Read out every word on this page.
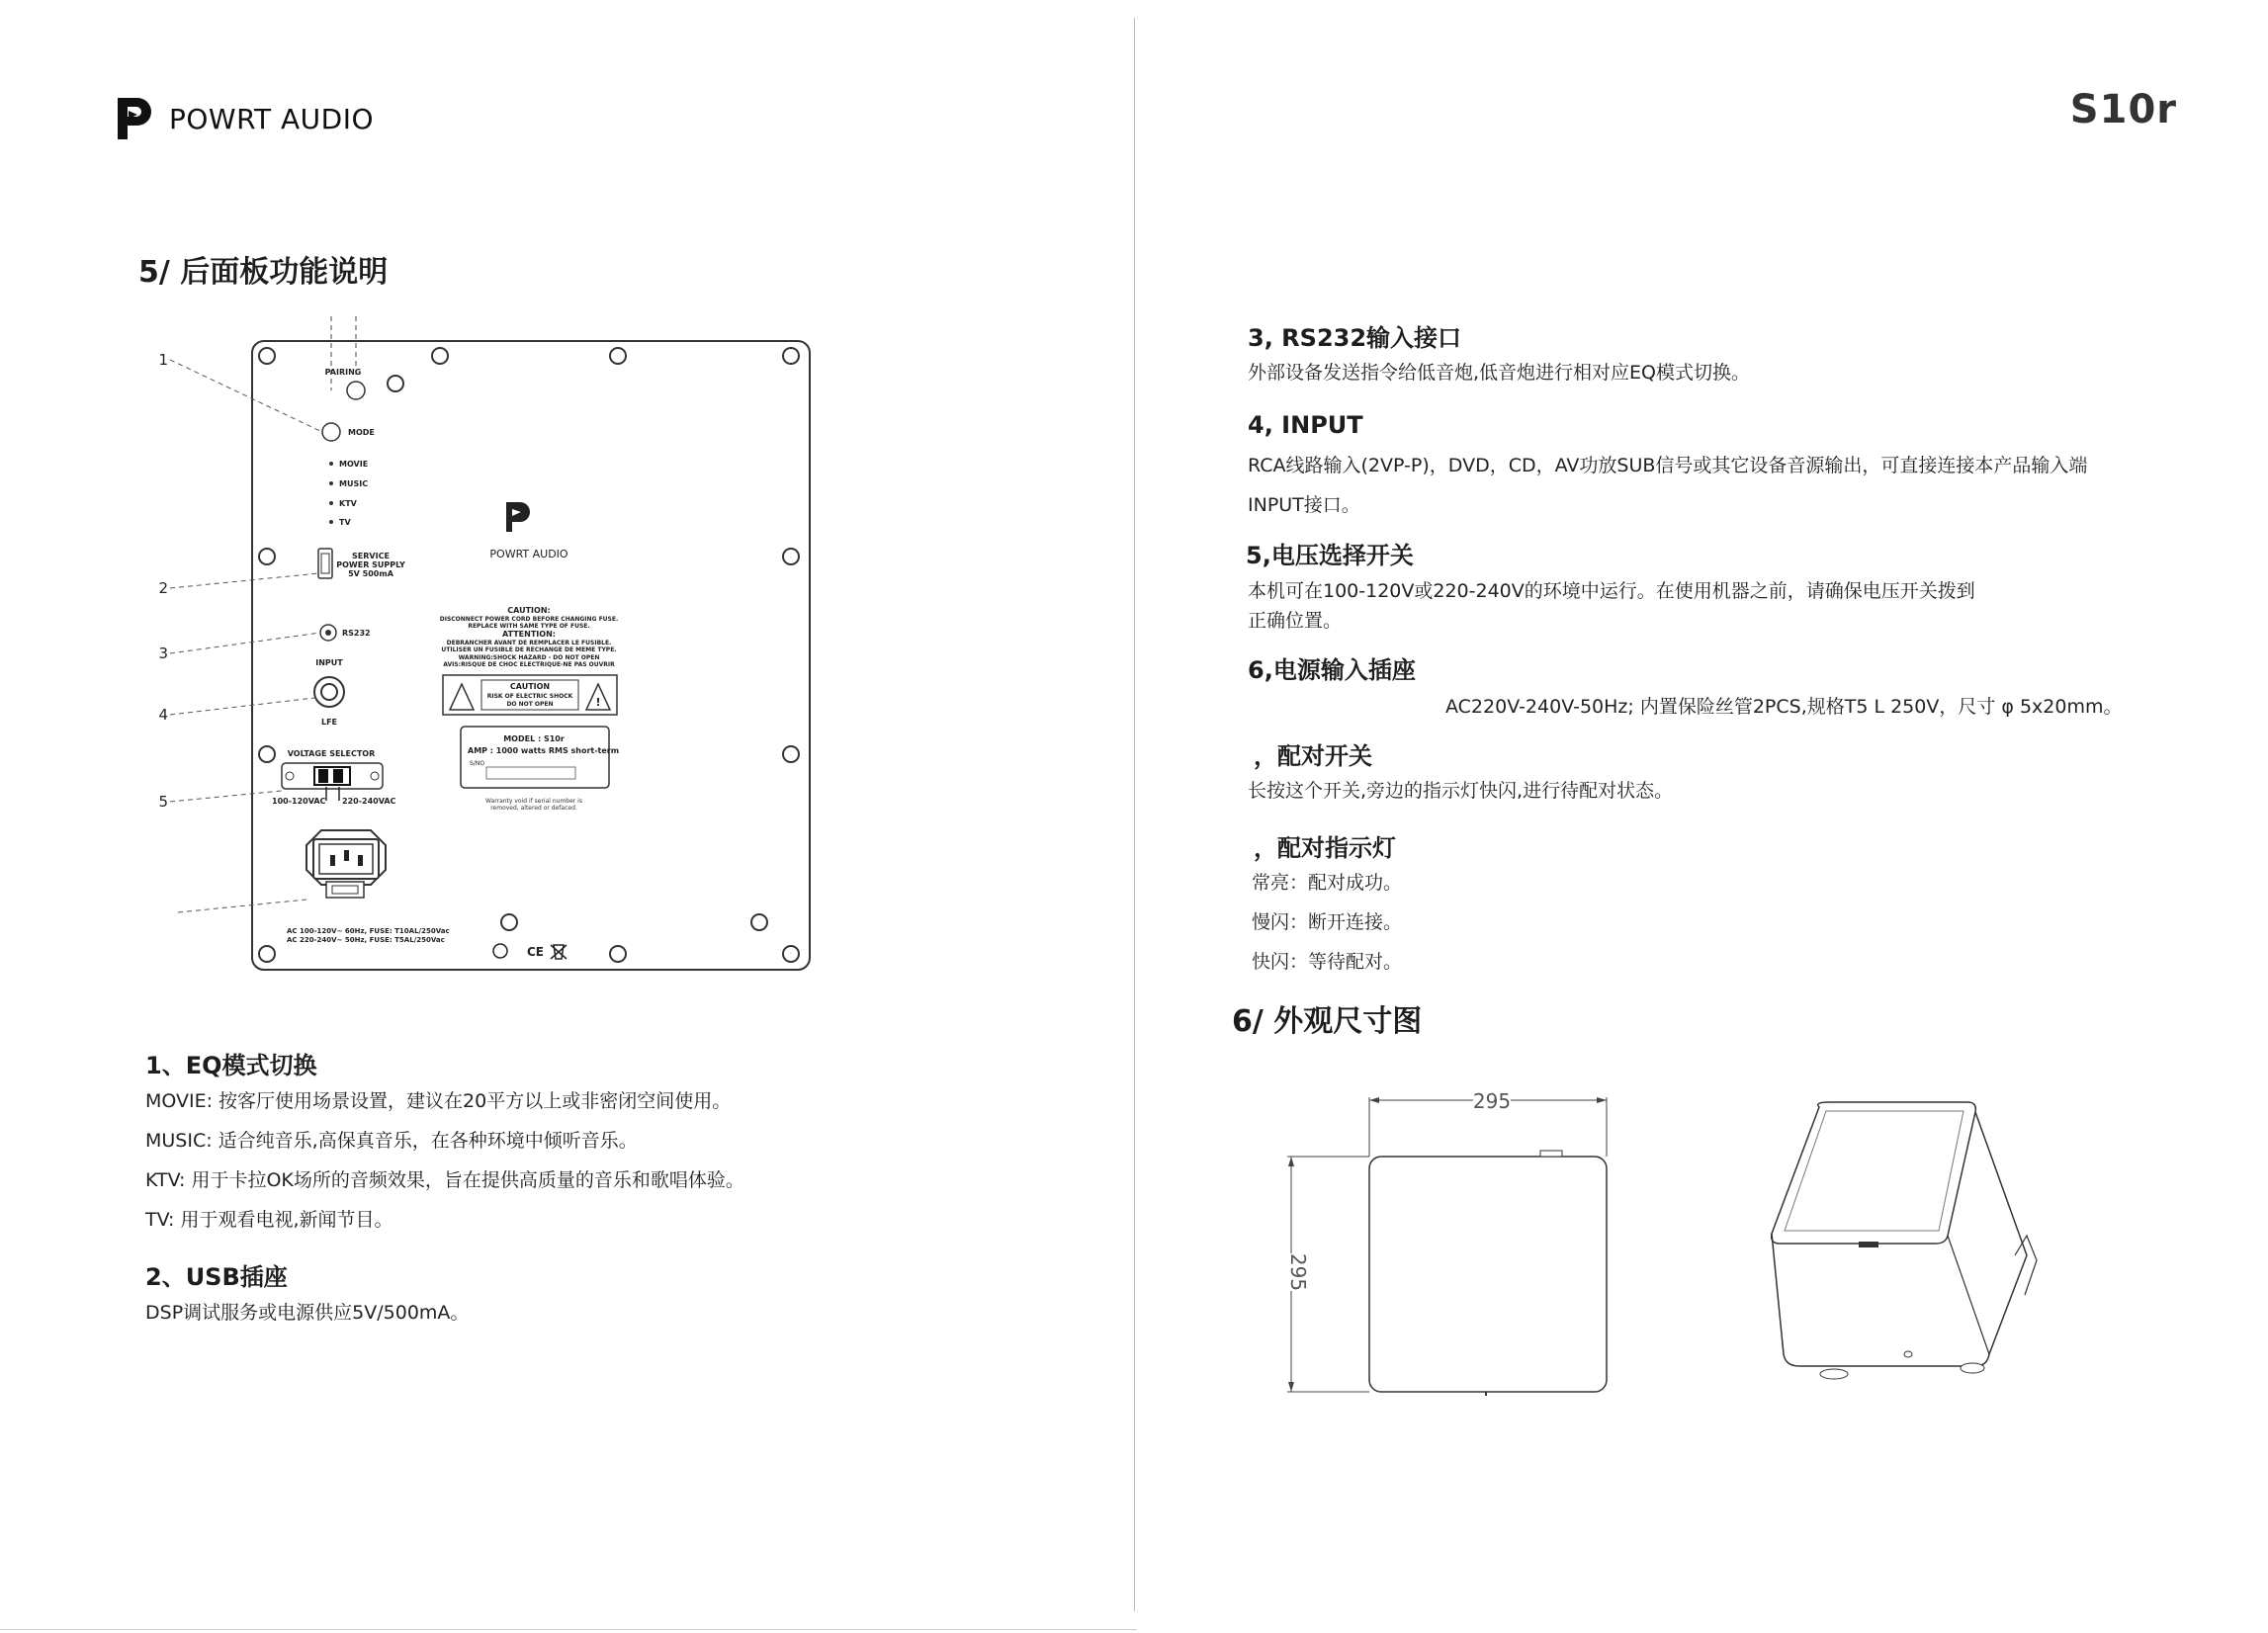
POWRT AUDIO	S10r
5/ 后面板功能说明
PAIRING
MODE
MOVIE
MUSIC
KTV
TV
SERVICE
POWER SUPPLY
5V 500mA
RS232
INPUT
LFE
VOLTAGE SELECTOR
100-120VAC 220-240VAC
AC 100-120V~ 60Hz, FUSE: T10AL/250Vac
AC 220-240V~ 50Hz, FUSE: T5AL/250Vac
POWRT AUDIO
CAUTION:
DISCONNECT POWER CORD BEFORE CHANGING FUSE.
REPLACE WITH SAME TYPE OF FUSE.
ATTENTION:
DEBRANCHER AVANT DE REMPLACER LE FUSIBLE.
UTILISER UN FUSIBLE DE RECHANGE DE MEME TYPE.
WARNING:SHOCK HAZARD - DO NOT OPEN
AVIS:RISQUE DE CHOC ELECTRIQUE-NE PAS OUVRIR
!
CAUTION
RISK OF ELECTRIC SHOCK
DO NOT OPEN
MODEL : S10r
AMP : 1000 watts RMS short-term
S/NO
Warranty void if serial number is
removed, altered or defaced.
CE
1
2
3
4
5
1、EQ模式切换
MOVIE: 按客厅使用场景设置，建议在20平方以上或非密闭空间使用。
MUSIC: 适合纯音乐,高保真音乐，在各种环境中倾听音乐。
KTV: 用于卡拉OK场所的音频效果，旨在提供高质量的音乐和歌唱体验。
TV: 用于观看电视,新闻节目。
2、USB插座
DSP调试服务或电源供应5V/500mA。
3, RS232输入接口
外部设备发送指令给低音炮,低音炮进行相对应EQ模式切换。
4, INPUT
RCA线路输入(2VP-P)，DVD，CD，AV功放SUB信号或其它设备音源输出，可直接连接本产品输入端
INPUT接口。
5,电压选择开关
本机可在100-120V或220-240V的环境中运行。在使用机器之前，请确保电压开关拨到
正确位置。
6,电源输入插座
AC220V-240V-50Hz; 内置保险丝管2PCS,规格T5 L 250V，尺寸 φ 5x20mm。
，配对开关
长按这个开关,旁边的指示灯快闪,进行待配对状态。
，配对指示灯
常亮：配对成功。
慢闪：断开连接。
快闪：等待配对。
6/ 外观尺寸图
295
295
